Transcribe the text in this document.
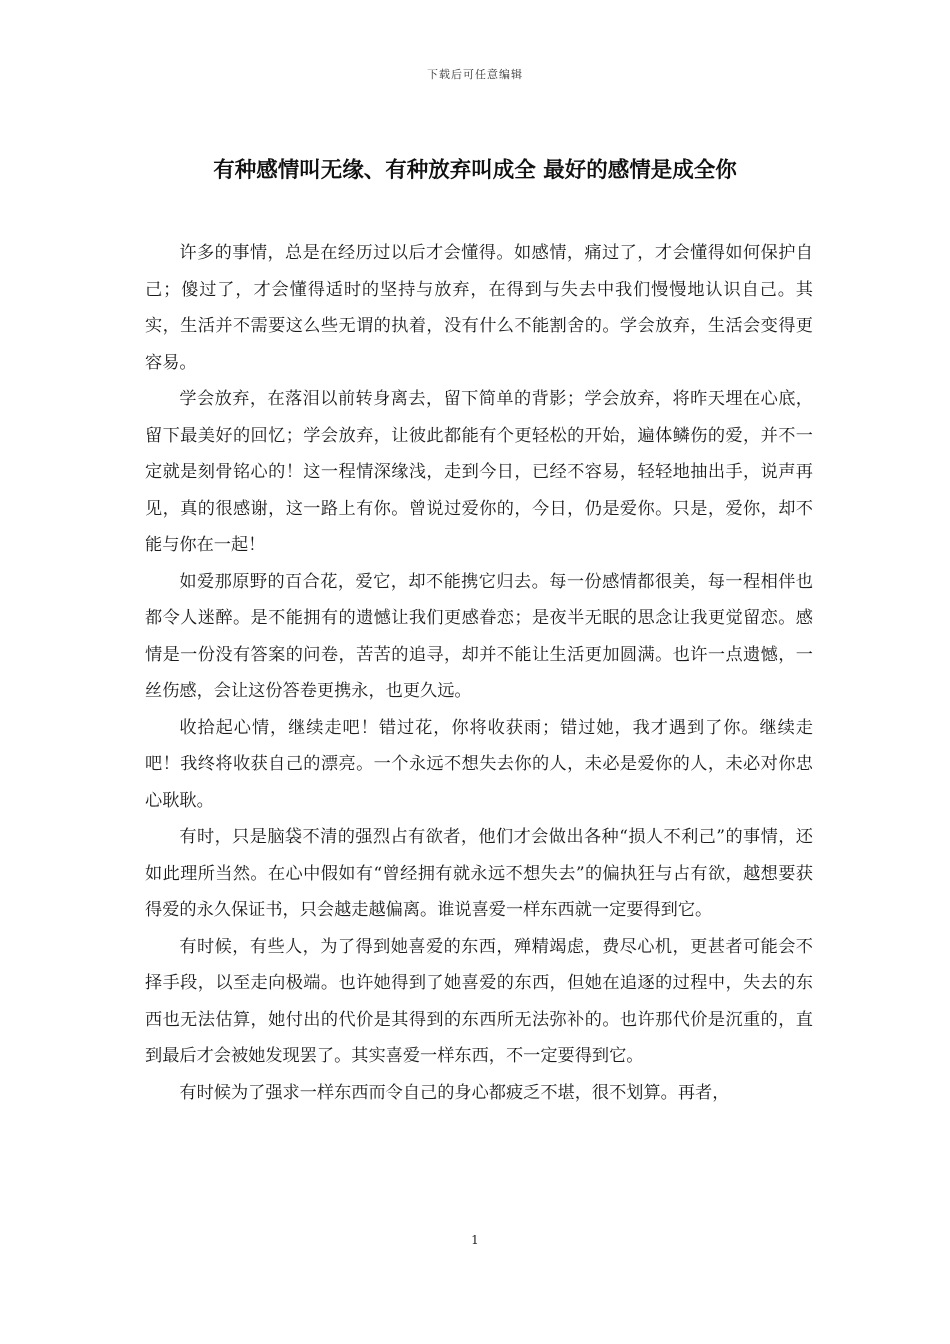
下载后可任意编辑
有种感情叫无缘、有种放弃叫成全 最好的感情是成全你

许多的事情，总是在经历过以后才会懂得。如感情，痛过了，才会懂得如何保护自己；傻过了，才会懂得适时的坚持与放弃，在得到与失去中我们慢慢地认识自己。其实，生活并不需要这么些无谓的执着，没有什么不能割舍的。学会放弃，生活会变得更容易。

学会放弃，在落泪以前转身离去，留下简单的背影；学会放弃，将昨天埋在心底，留下最美好的回忆；学会放弃，让彼此都能有个更轻松的开始，遍体鳞伤的爱，并不一定就是刻骨铭心的！这一程情深缘浅，走到今日，已经不容易，轻轻地抽出手，说声再见，真的很感谢，这一路上有你。曾说过爱你的，今日，仍是爱你。只是，爱你，却不能与你在一起！

如爱那原野的百合花，爱它，却不能携它归去。每一份感情都很美，每一程相伴也都令人迷醉。是不能拥有的遗憾让我们更感眷恋；是夜半无眠的思念让我更觉留恋。感情是一份没有答案的问卷，苦苦的追寻，却并不能让生活更加圆满。也许一点遗憾，一丝伤感，会让这份答卷更携永，也更久远。

收拾起心情，继续走吧！错过花，你将收获雨；错过她，我才遇到了你。继续走吧！我终将收获自己的漂亮。一个永远不想失去你的人，未必是爱你的人，未必对你忠心耿耿。

有时，只是脑袋不清的强烈占有欲者，他们才会做出各种“损人不利己”的事情，还如此理所当然。在心中假如有“曾经拥有就永远不想失去”的偏执狂与占有欲，越想要获得爱的永久保证书，只会越走越偏离。谁说喜爱一样东西就一定要得到它。

有时候，有些人，为了得到她喜爱的东西，殚精竭虑，费尽心机，更甚者可能会不择手段，以至走向极端。也许她得到了她喜爱的东西，但她在追逐的过程中，失去的东西也无法估算，她付出的代价是其得到的东西所无法弥补的。也许那代价是沉重的，直到最后才会被她发现罢了。其实喜爱一样东西，不一定要得到它。

有时候为了强求一样东西而令自己的身心都疲乏不堪，很不划算。再者，

1
